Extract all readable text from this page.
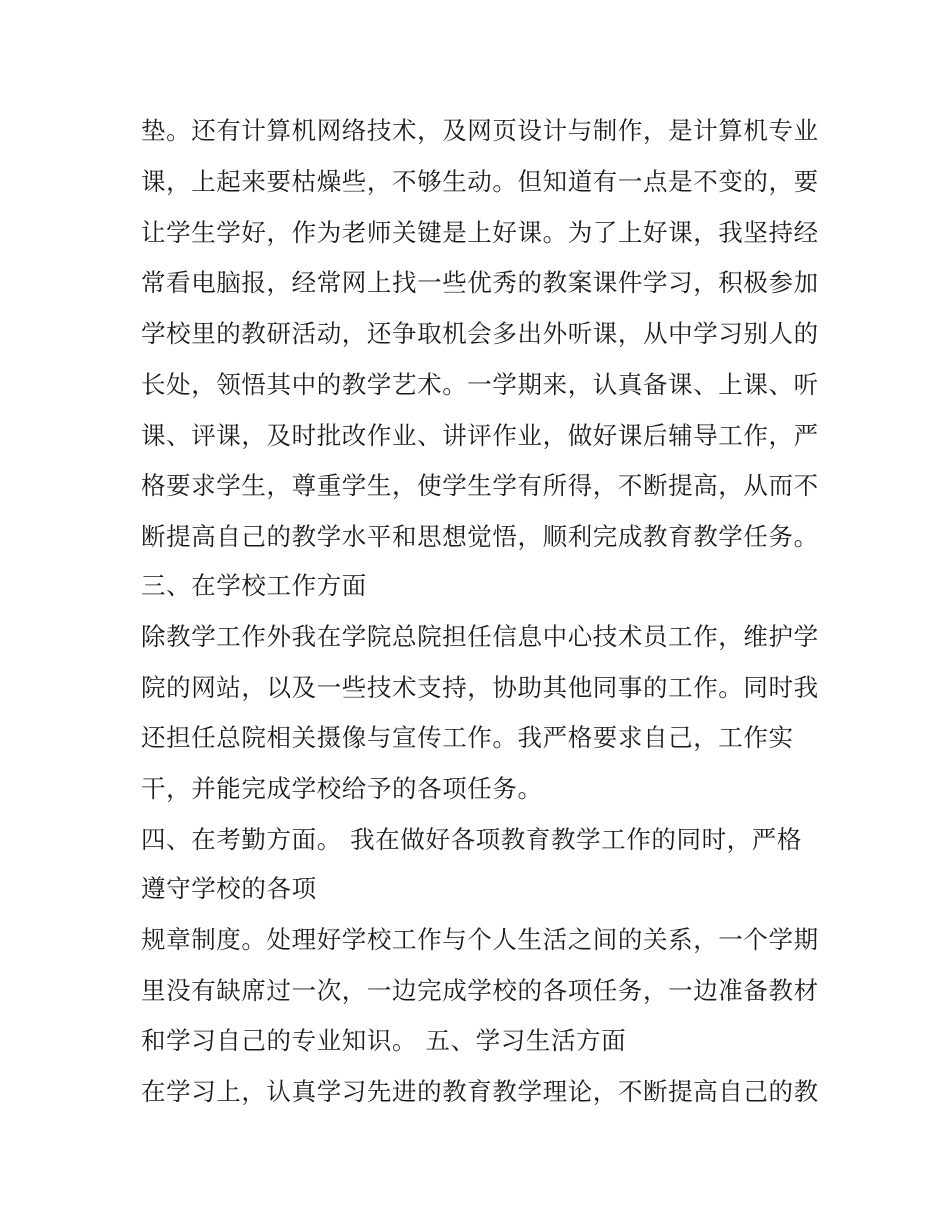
垫。还有计算机网络技术，及网页设计与制作，是计算机专业
课，上起来要枯燥些，不够生动。但知道有一点是不变的，要
让学生学好，作为老师关键是上好课。为了上好课，我坚持经
常看电脑报，经常网上找一些优秀的教案课件学习，积极参加
学校里的教研活动，还争取机会多出外听课，从中学习别人的
长处，领悟其中的教学艺术。一学期来，认真备课、上课、听
课、评课，及时批改作业、讲评作业，做好课后辅导工作，严
格要求学生，尊重学生，使学生学有所得，不断提高，从而不
断提高自己的教学水平和思想觉悟，顺利完成教育教学任务。
三、在学校工作方面
除教学工作外我在学院总院担任信息中心技术员工作，维护学
院的网站，以及一些技术支持，协助其他同事的工作。同时我
还担任总院相关摄像与宣传工作。我严格要求自己，工作实
干，并能完成学校给予的各项任务。
四、在考勤方面。 我在做好各项教育教学工作的同时，严格
遵守学校的各项
规章制度。处理好学校工作与个人生活之间的关系，一个学期
里没有缺席过一次，一边完成学校的各项任务，一边准备教材
和学习自己的专业知识。 五、学习生活方面
在学习上，认真学习先进的教育教学理论，不断提高自己的教
